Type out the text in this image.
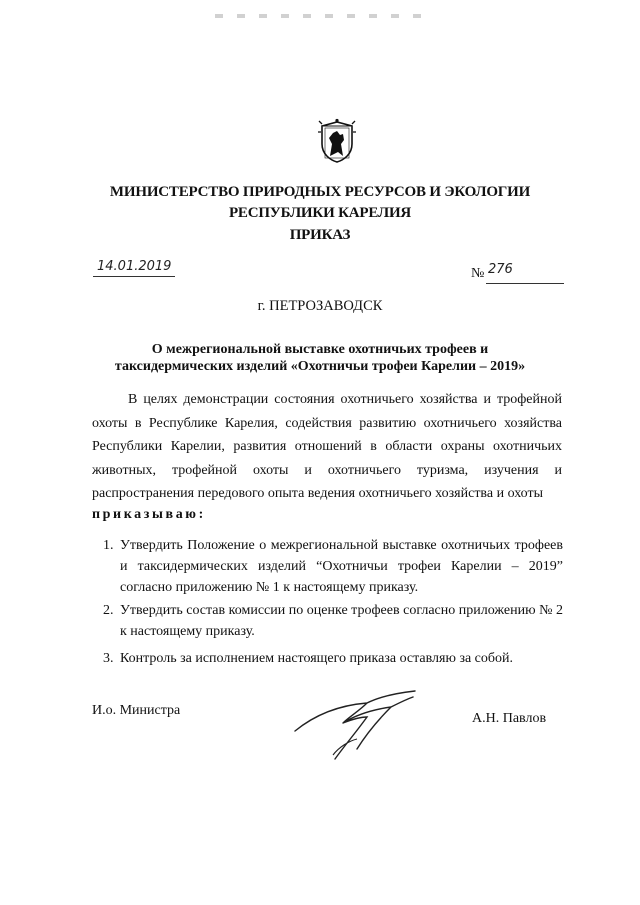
МИНИСТЕРСТВО ПРИРОДНЫХ РЕСУРСОВ И ЭКОЛОГИИ
РЕСПУБЛИКИ КАРЕЛИЯ
ПРИКАЗ
14.01.2019	№ 276
г. ПЕТРОЗАВОДСК
О межрегиональной выставке охотничьих трофеев и
таксидермических изделий «Охотничьи трофеи Карелии – 2019»
В целях демонстрации состояния охотничьего хозяйства и трофейной охоты в Республике Карелия, содействия развитию охотничьего хозяйства Республики Карелии, развития отношений в области охраны охотничьих животных, трофейной охоты и охотничьего туризма, изучения и распространения передового опыта ведения охотничьего хозяйства и охоты
приказываю:
1. Утвердить Положение о межрегиональной выставке охотничьих трофеев и таксидермических изделий “Охотничьи трофеи Карелии – 2019” согласно приложению № 1 к настоящему приказу.
2. Утвердить состав комиссии по оценке трофеев согласно приложению № 2 к настоящему приказу.
3. Контроль за исполнением настоящего приказа оставляю за собой.
И.о. Министра
А.Н. Павлов
